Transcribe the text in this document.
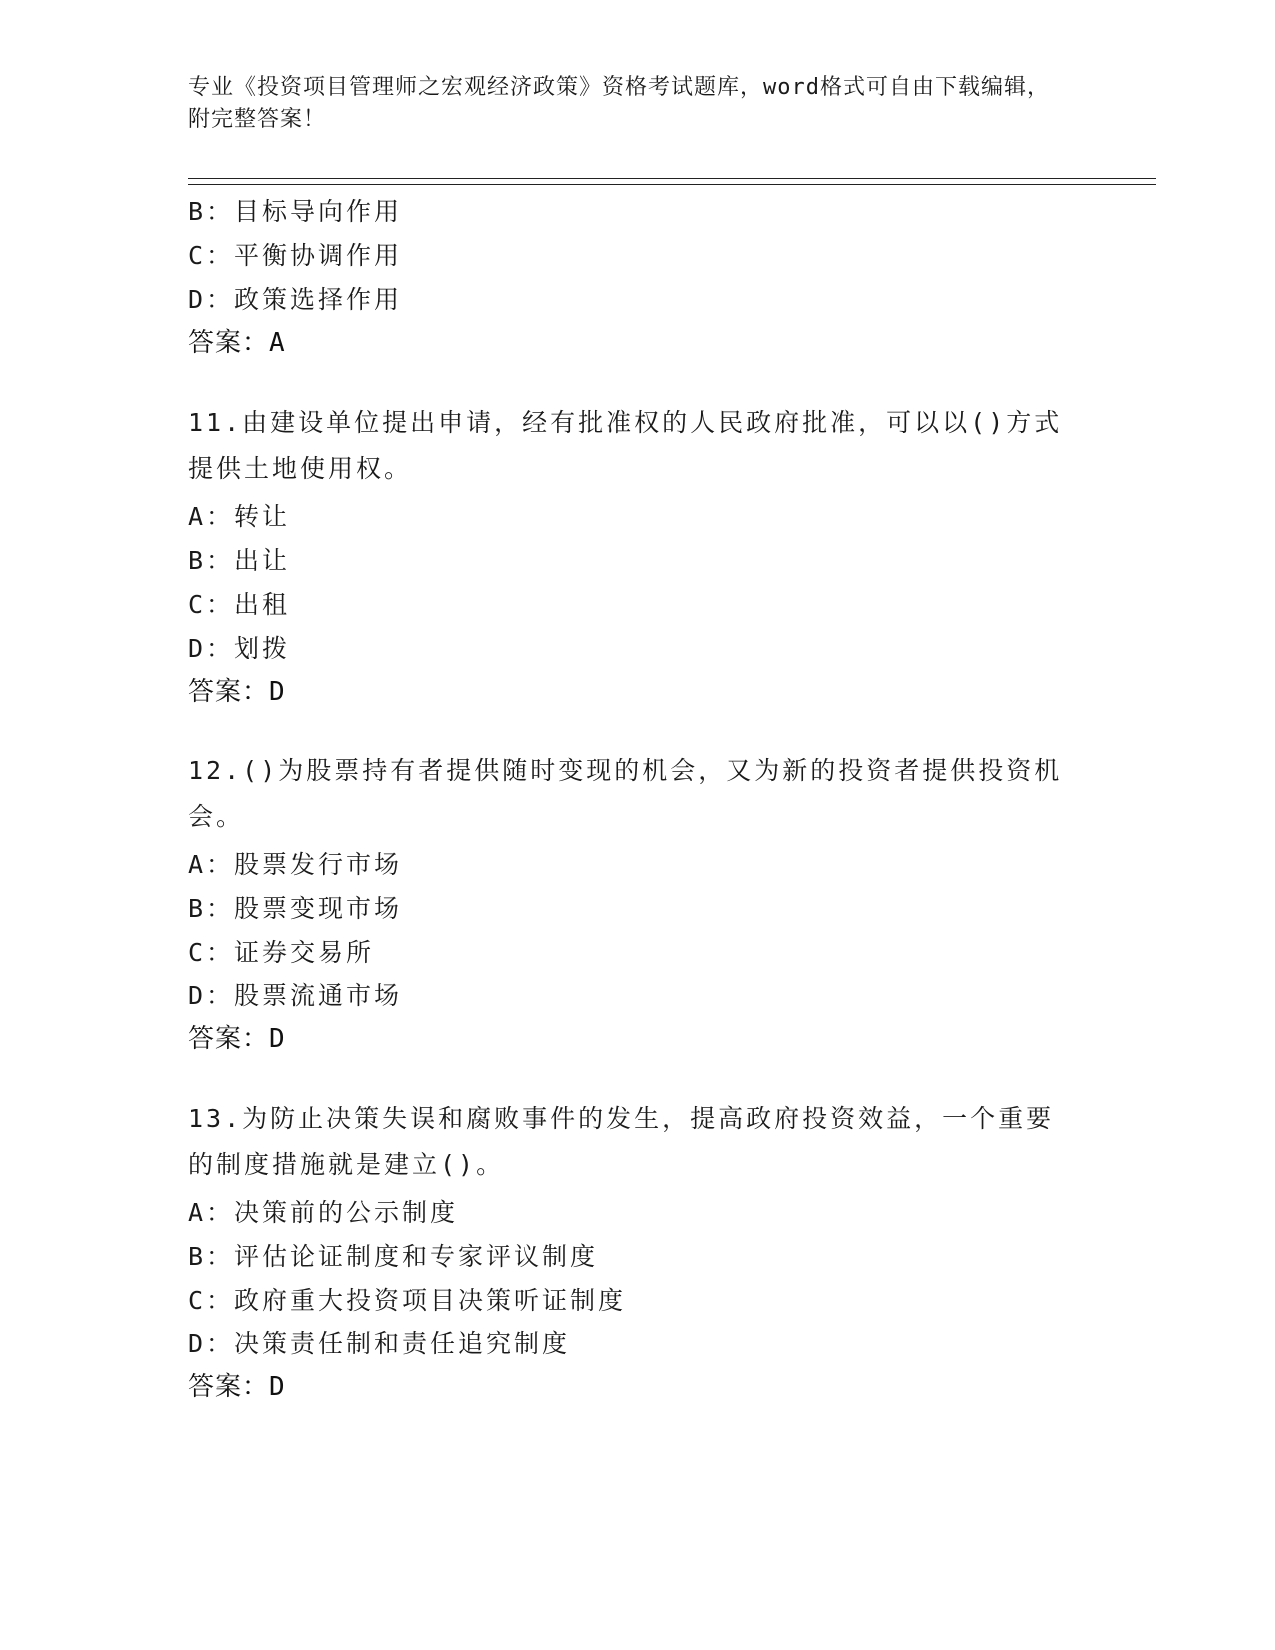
专业《投资项目管理师之宏观经济政策》资格考试题库，word格式可自由下载编辑，附完整答案！
B：目标导向作用
C：平衡协调作用
D：政策选择作用
答案：A
11.由建设单位提出申请，经有批准权的人民政府批准，可以以()方式提供土地使用权。
A：转让
B：出让
C：出租
D：划拨
答案：D
12.()为股票持有者提供随时变现的机会，又为新的投资者提供投资机会。
A：股票发行市场
B：股票变现市场
C：证券交易所
D：股票流通市场
答案：D
13.为防止决策失误和腐败事件的发生，提高政府投资效益，一个重要的制度措施就是建立()。
A：决策前的公示制度
B：评估论证制度和专家评议制度
C：政府重大投资项目决策听证制度
D：决策责任制和责任追究制度
答案：D
